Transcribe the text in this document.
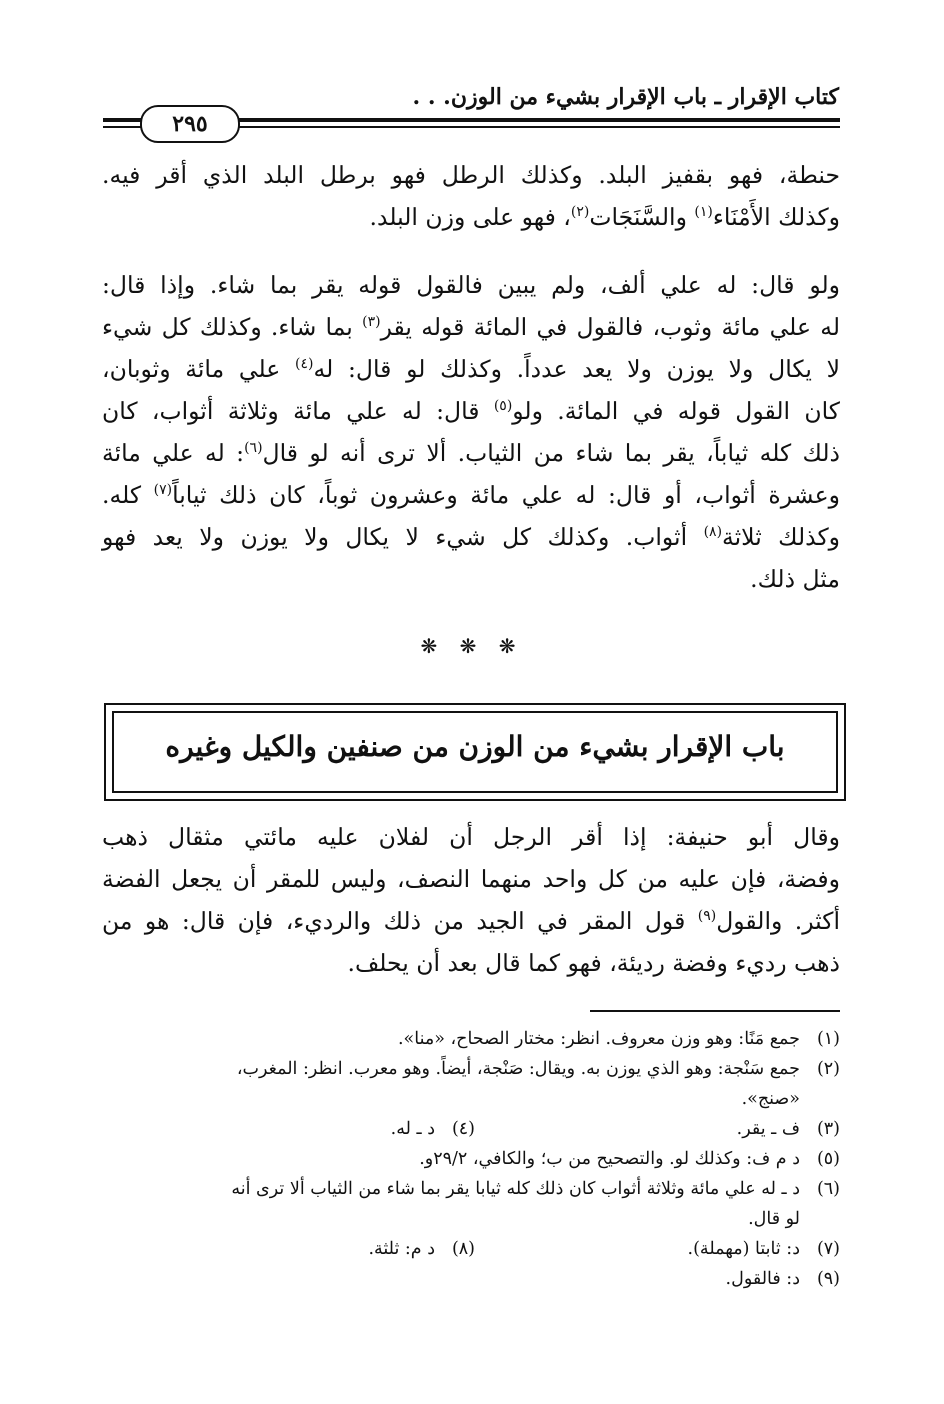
كتاب الإقرار ـ باب الإقرار بشيء من الوزن. . .
٢٩٥
حنطة، فهو بقفيز البلد. وكذلك الرطل فهو برطل البلد الذي أقر فيه.
وكذلك الأَمْنَاء$^{(١)}$ والسَّنَجَات$^{(٢)}$، فهو على وزن البلد.
ولو قال: له علي ألف، ولم يبين فالقول قوله يقر بما شاء. وإذا قال:
له علي مائة وثوب، فالقول في المائة قوله يقر$^{(٣)}$ بما شاء. وكذلك كل شيء
لا يكال ولا يوزن ولا يعد عدداً. وكذلك لو قال: له$^{(٤)}$ علي مائة وثوبان،
كان القول قوله في المائة. ولو$^{(٥)}$ قال: له علي مائة وثلاثة أثواب، كان
ذلك كله ثياباً، يقر بما شاء من الثياب. ألا ترى أنه لو قال$^{(٦)}$: له علي مائة
وعشرة أثواب، أو قال: له علي مائة وعشرون ثوباً، كان ذلك ثياباً$^{(٧)}$ كله.
وكذلك ثلاثة$^{(٨)}$ أثواب. وكذلك كل شيء لا يكال ولا يوزن ولا يعد فهو
مثل ذلك.
❋ ❋ ❋
باب الإقرار بشيء من الوزن من صنفين والكيل وغيره
وقال أبو حنيفة: إذا أقر الرجل أن لفلان عليه مائتي مثقال ذهب
وفضة، فإن عليه من كل واحد منهما النصف، وليس للمقر أن يجعل الفضة
أكثر. والقول$^{(٩)}$ قول المقر في الجيد من ذلك والرديء، فإن قال: هو من
ذهب رديء وفضة رديئة، فهو كما قال بعد أن يحلف.
(١)جمع مَنًا: وهو وزن معروف. انظر: مختار الصحاح، «منا».
(٢)جمع سَنْجة: وهو الذي يوزن به. ويقال: صَنْجة، أيضاً. وهو معرب. انظر: المغرب،
«صنج».
(٣)ف ـ يقر.
(٤)د ـ له.
(٥)د م ف: وكذلك لو. والتصحيح من ب؛ والكافي، ٢٩/٢و.
(٦)د ـ له علي مائة وثلاثة أثواب كان ذلك كله ثيابا يقر بما شاء من الثياب ألا ترى أنه
لو قال.
(٧)د: ثابتا (مهملة).
(٨)د م: ثلثة.
(٩)د: فالقول.
